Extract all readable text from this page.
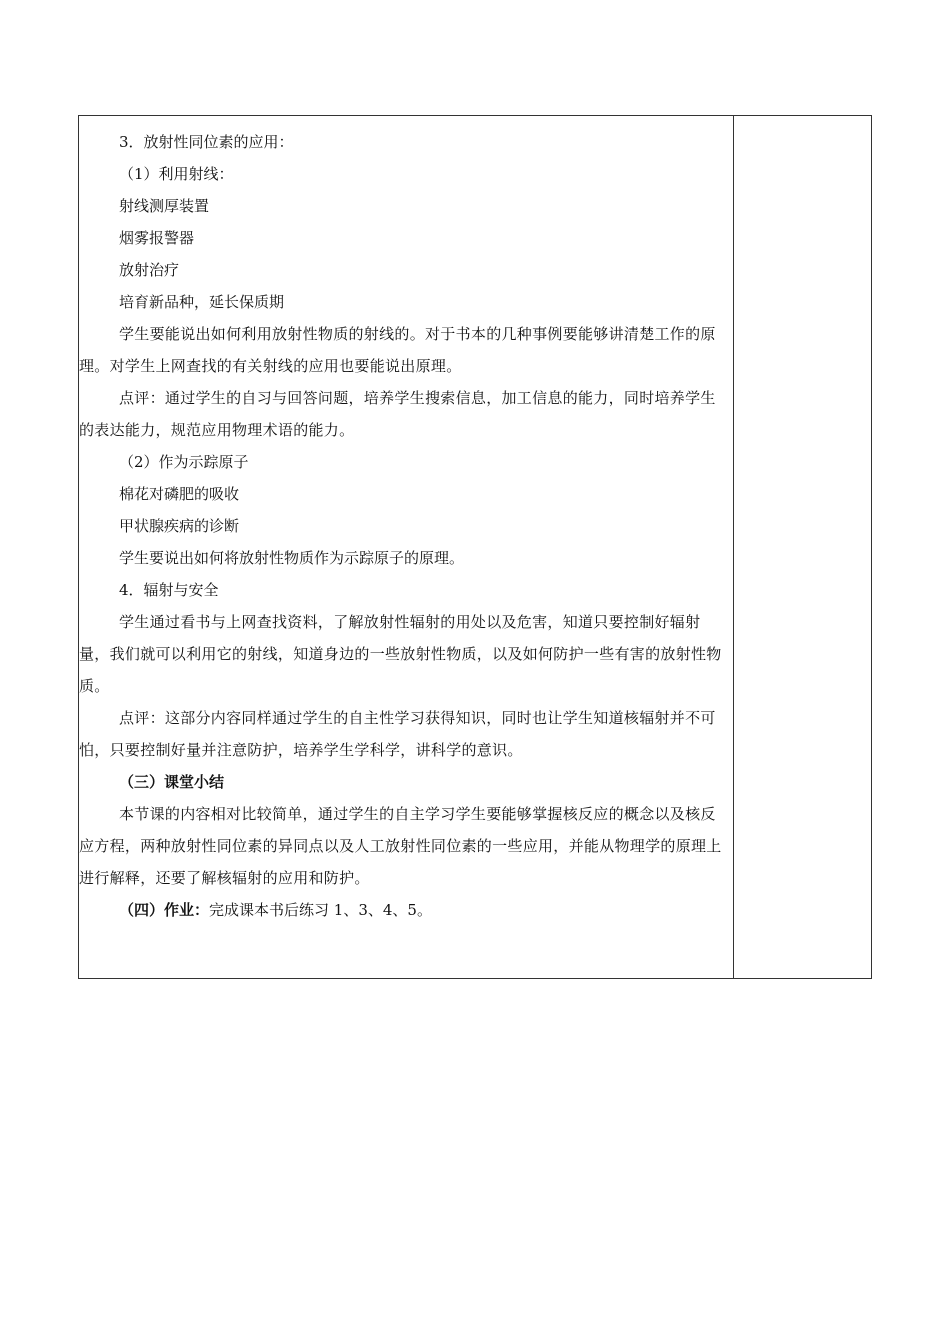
3．放射性同位素的应用：

（1）利用射线：

射线测厚装置

烟雾报警器

放射治疗

培育新品种，延长保质期

学生要能说出如何利用放射性物质的射线的。对于书本的几种事例要能够讲清楚工作的原理。对学生上网查找的有关射线的应用也要能说出原理。

点评：通过学生的自习与回答问题，培养学生搜索信息，加工信息的能力，同时培养学生的表达能力，规范应用物理术语的能力。

（2）作为示踪原子

棉花对磷肥的吸收

甲状腺疾病的诊断

学生要说出如何将放射性物质作为示踪原子的原理。

4．辐射与安全

学生通过看书与上网查找资料，了解放射性辐射的用处以及危害，知道只要控制好辐射量，我们就可以利用它的射线，知道身边的一些放射性物质，以及如何防护一些有害的放射性物质。

点评：这部分内容同样通过学生的自主性学习获得知识，同时也让学生知道核辐射并不可怕，只要控制好量并注意防护，培养学生学科学，讲科学的意识。

（三）课堂小结

本节课的内容相对比较简单，通过学生的自主学习学生要能够掌握核反应的概念以及核反应方程，两种放射性同位素的异同点以及人工放射性同位素的一些应用，并能从物理学的原理上进行解释，还要了解核辐射的应用和防护。

（四）作业：完成课本书后练习 1、3、4、5。
